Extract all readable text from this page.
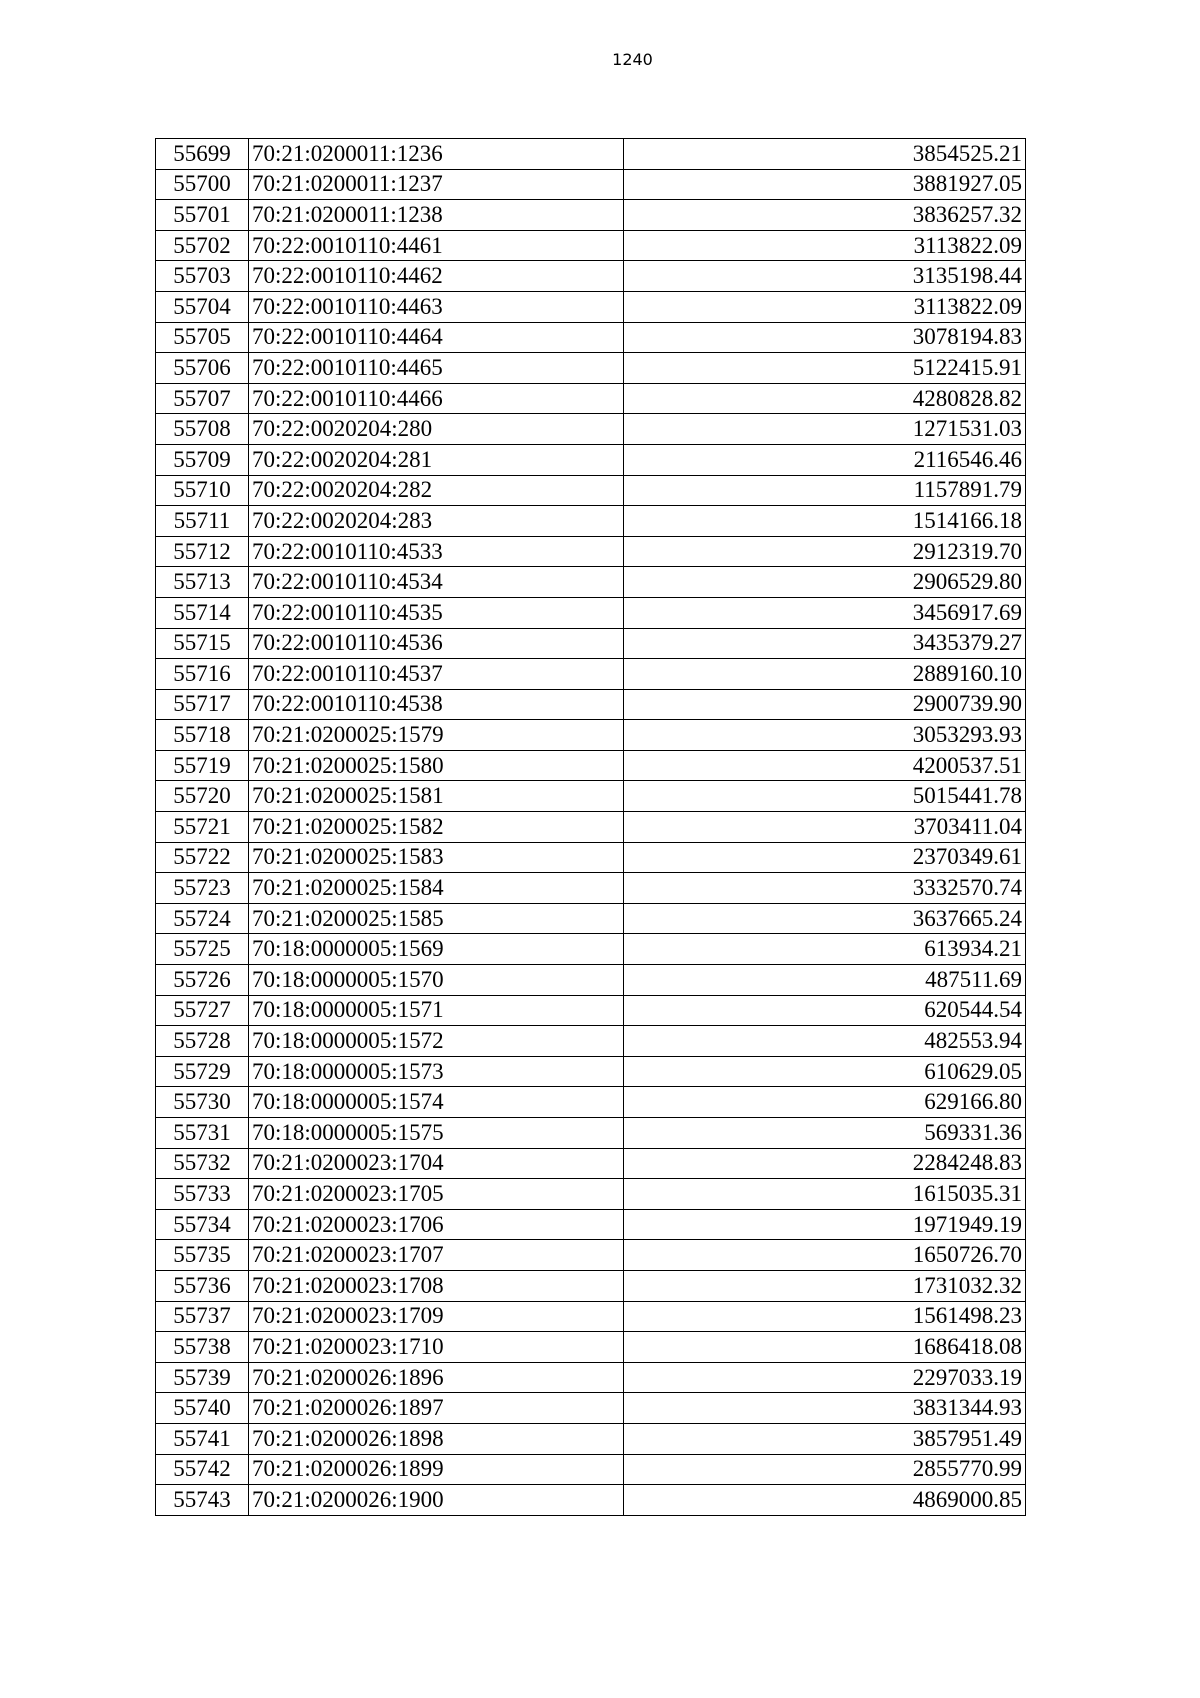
1240
55699	70:21:0200011:1236	3854525.21
55700	70:21:0200011:1237	3881927.05
55701	70:21:0200011:1238	3836257.32
55702	70:22:0010110:4461	3113822.09
55703	70:22:0010110:4462	3135198.44
55704	70:22:0010110:4463	3113822.09
55705	70:22:0010110:4464	3078194.83
55706	70:22:0010110:4465	5122415.91
55707	70:22:0010110:4466	4280828.82
55708	70:22:0020204:280	1271531.03
55709	70:22:0020204:281	2116546.46
55710	70:22:0020204:282	1157891.79
55711	70:22:0020204:283	1514166.18
55712	70:22:0010110:4533	2912319.70
55713	70:22:0010110:4534	2906529.80
55714	70:22:0010110:4535	3456917.69
55715	70:22:0010110:4536	3435379.27
55716	70:22:0010110:4537	2889160.10
55717	70:22:0010110:4538	2900739.90
55718	70:21:0200025:1579	3053293.93
55719	70:21:0200025:1580	4200537.51
55720	70:21:0200025:1581	5015441.78
55721	70:21:0200025:1582	3703411.04
55722	70:21:0200025:1583	2370349.61
55723	70:21:0200025:1584	3332570.74
55724	70:21:0200025:1585	3637665.24
55725	70:18:0000005:1569	613934.21
55726	70:18:0000005:1570	487511.69
55727	70:18:0000005:1571	620544.54
55728	70:18:0000005:1572	482553.94
55729	70:18:0000005:1573	610629.05
55730	70:18:0000005:1574	629166.80
55731	70:18:0000005:1575	569331.36
55732	70:21:0200023:1704	2284248.83
55733	70:21:0200023:1705	1615035.31
55734	70:21:0200023:1706	1971949.19
55735	70:21:0200023:1707	1650726.70
55736	70:21:0200023:1708	1731032.32
55737	70:21:0200023:1709	1561498.23
55738	70:21:0200023:1710	1686418.08
55739	70:21:0200026:1896	2297033.19
55740	70:21:0200026:1897	3831344.93
55741	70:21:0200026:1898	3857951.49
55742	70:21:0200026:1899	2855770.99
55743	70:21:0200026:1900	4869000.85
